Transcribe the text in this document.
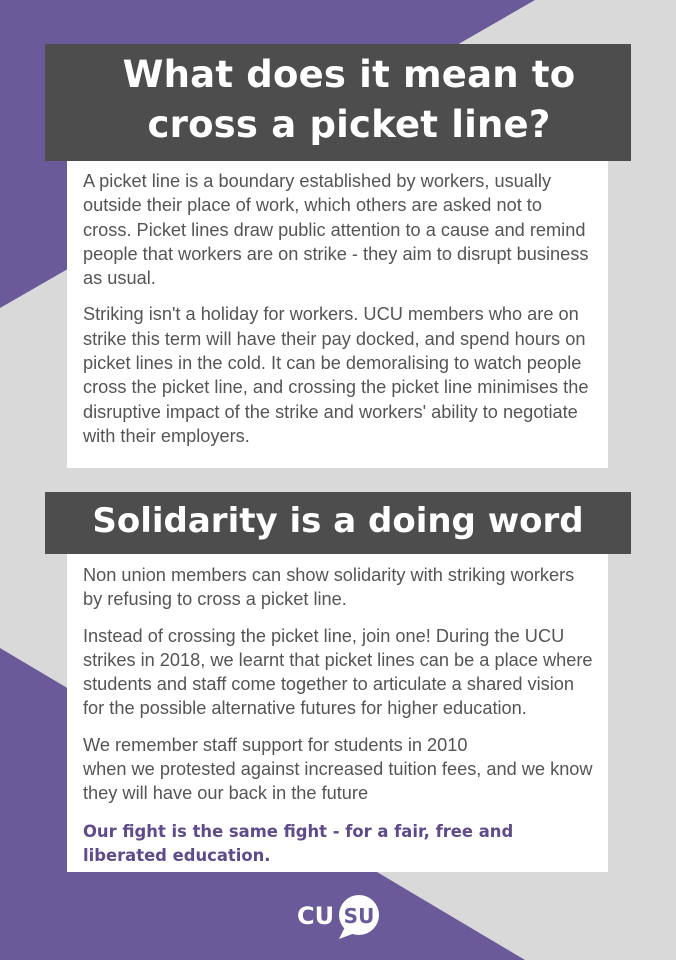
What does it mean to cross a picket line?

A picket line is a boundary established by workers, usually outside their place of work, which others are asked not to cross. Picket lines draw public attention to a cause and remind people that workers are on strike - they aim to disrupt business as usual.

Striking isn't a holiday for workers. UCU members who are on strike this term will have their pay docked, and spend hours on picket lines in the cold. It can be demoralising to watch people cross the picket line, and crossing the picket line minimises the disruptive impact of the strike and workers' ability to negotiate with their employers.

Solidarity is a doing word

Non union members can show solidarity with striking workers by refusing to cross a picket line.

Instead of crossing the picket line, join one! During the UCU strikes in 2018, we learnt that picket lines can be a place where students and staff come together to articulate a shared vision for the possible alternative futures for higher education.

We remember staff support for students in 2010
when we protested against increased tuition fees, and we know they will have our back in the future

Our fight is the same fight - for a fair, free and liberated education.

CU SU
